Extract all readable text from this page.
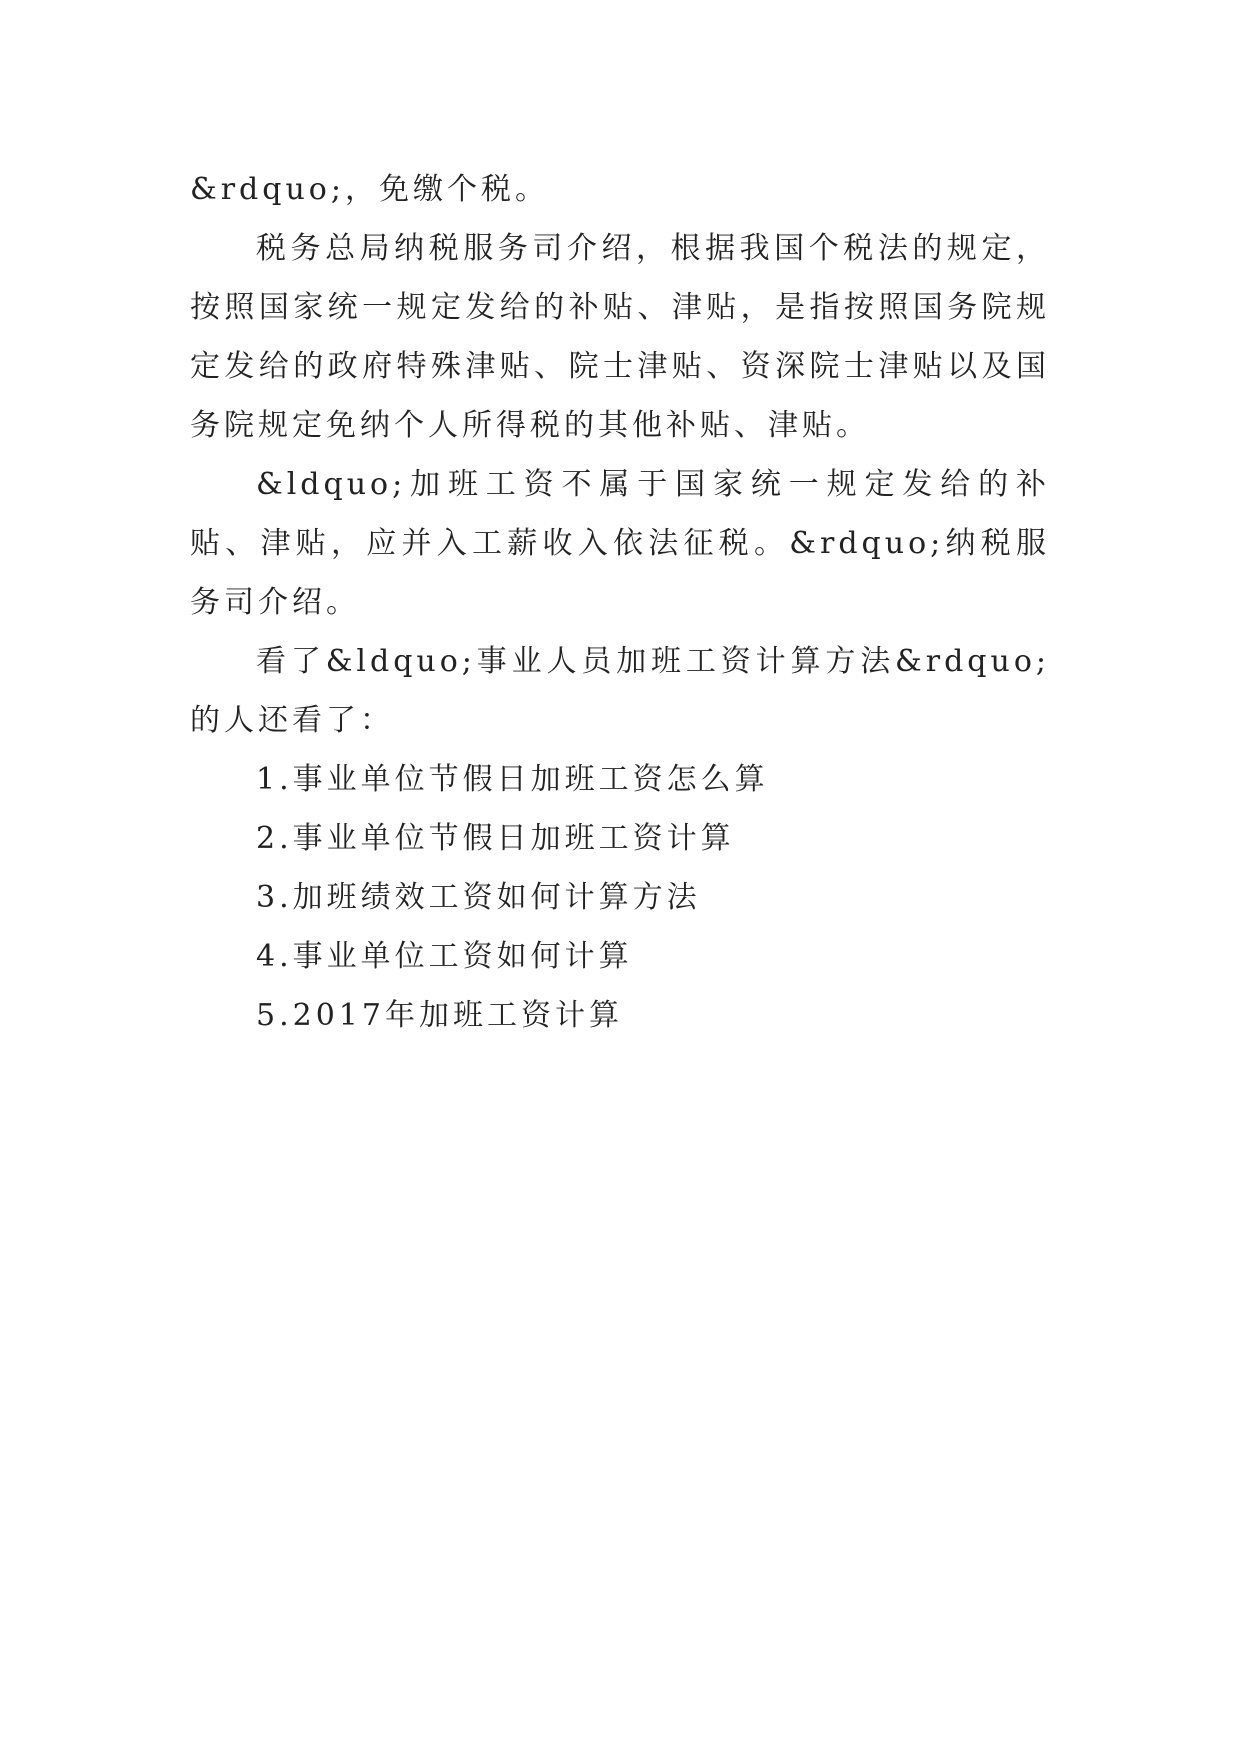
&rdquo;，免缴个税。

税务总局纳税服务司介绍，根据我国个税法的规定，按照国家统一规定发给的补贴、津贴，是指按照国务院规定发给的政府特殊津贴、院士津贴、资深院士津贴以及国务院规定免纳个人所得税的其他补贴、津贴。

&ldquo;加班工资不属于国家统一规定发给的补贴、津贴，应并入工薪收入依法征税。&rdquo;纳税服务司介绍。

看了&ldquo;事业人员加班工资计算方法&rdquo;的人还看了：

1.事业单位节假日加班工资怎么算
2.事业单位节假日加班工资计算
3.加班绩效工资如何计算方法
4.事业单位工资如何计算
5.2017年加班工资计算
